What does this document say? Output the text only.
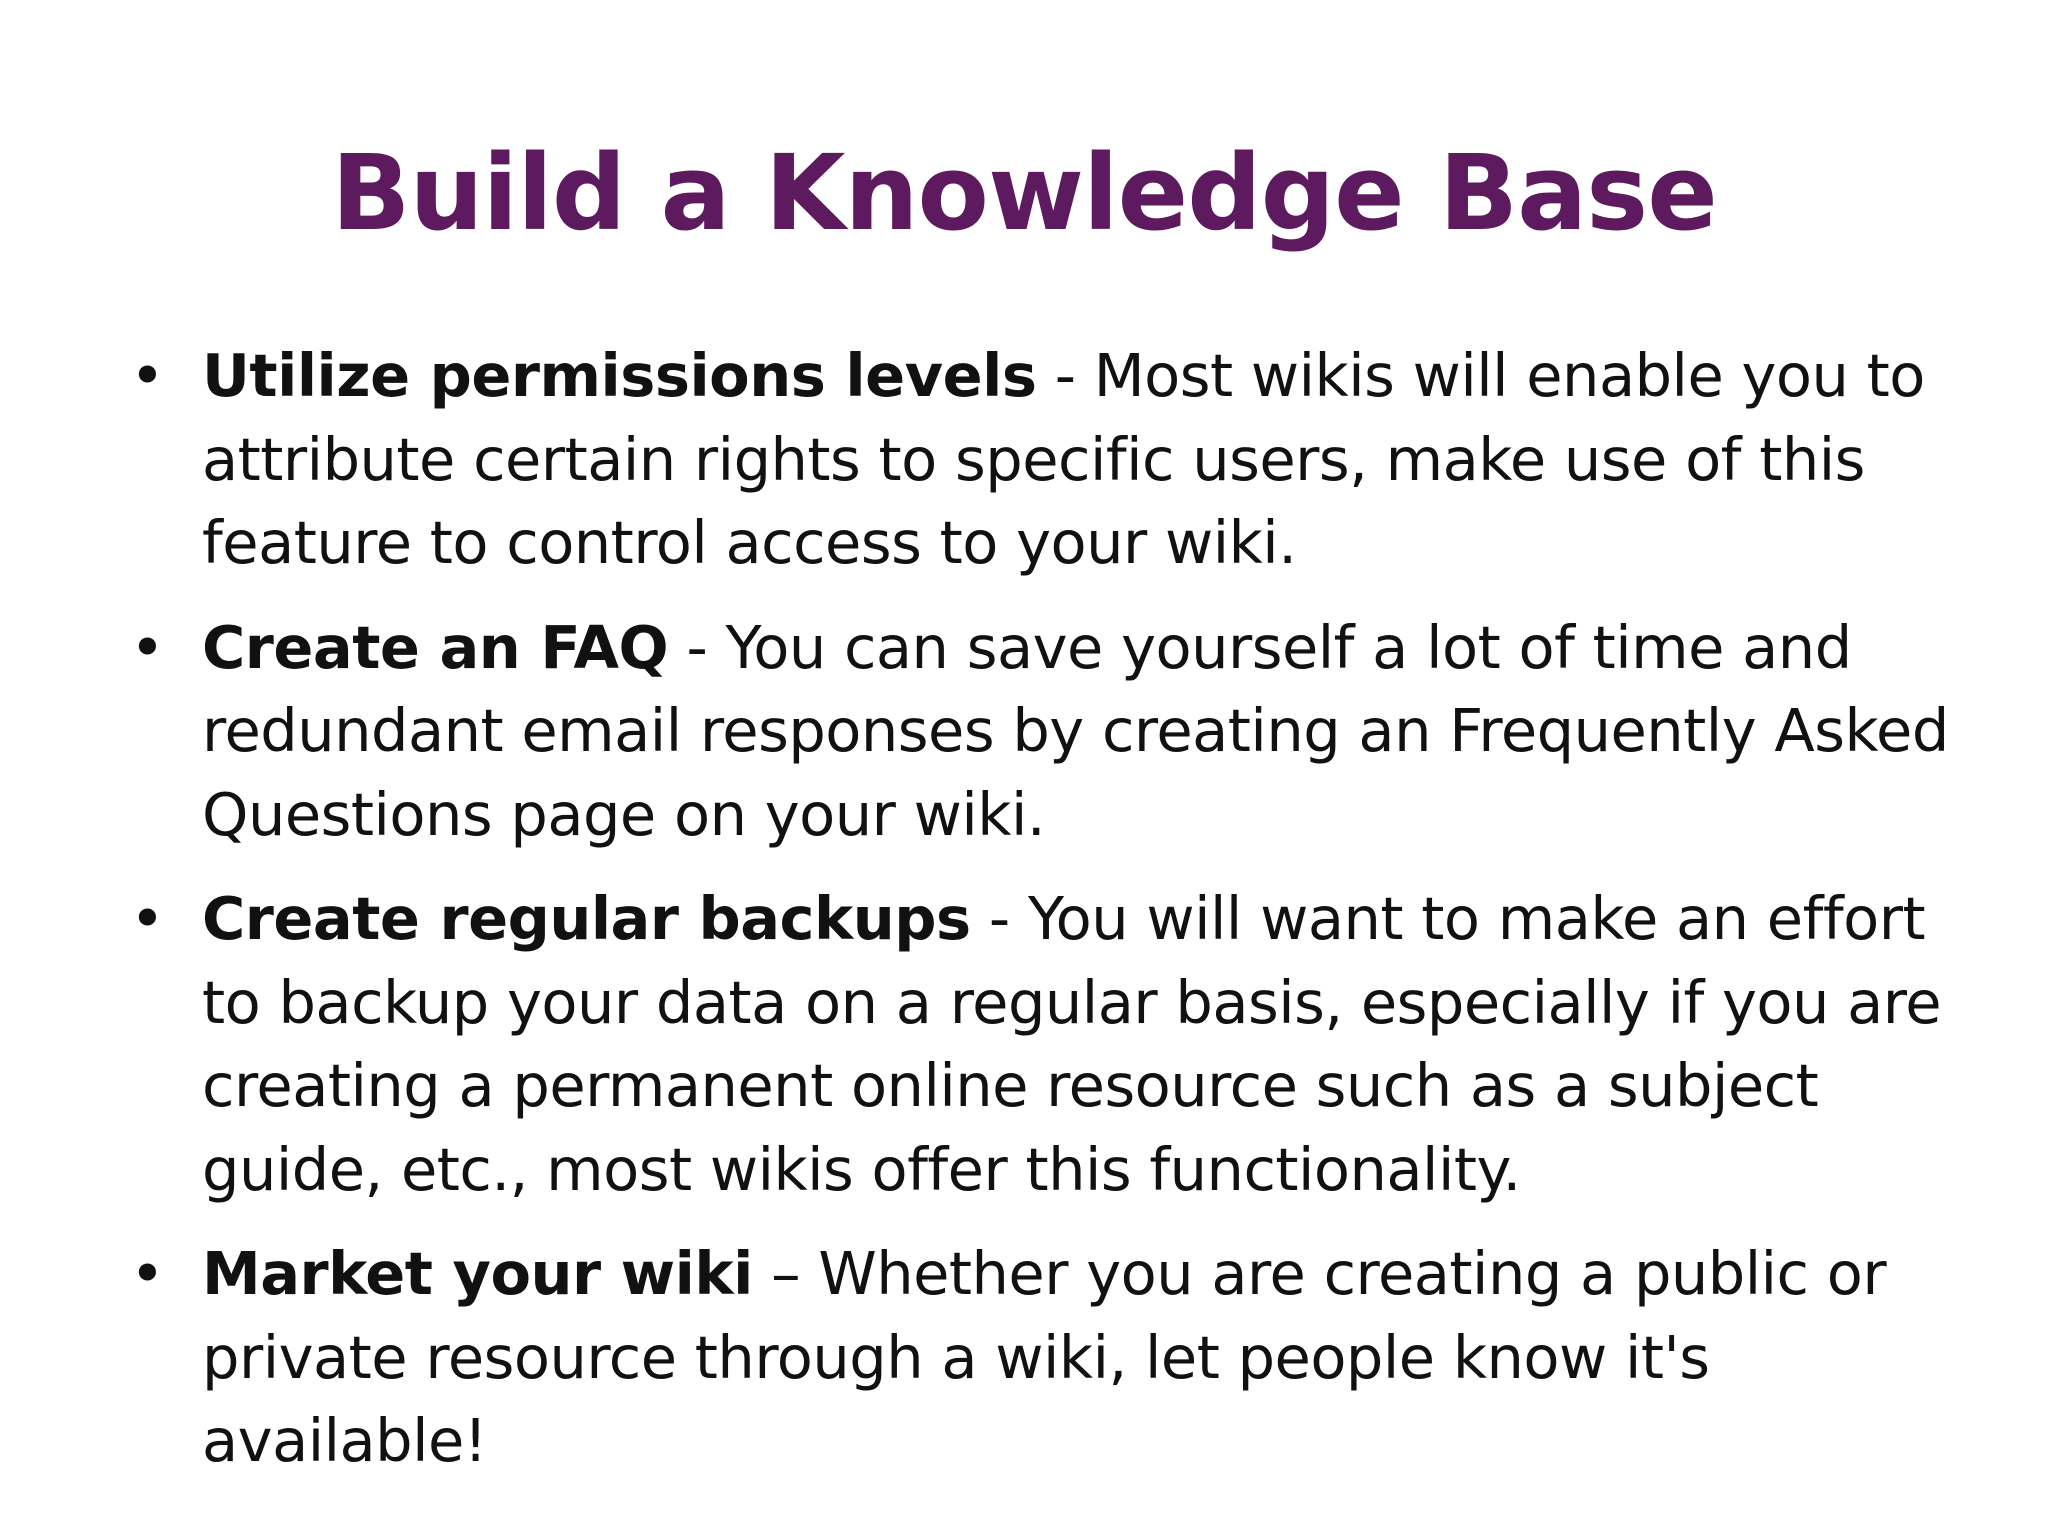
Build a Knowledge Base
• Utilize permissions levels - Most wikis will enable you to attribute certain rights to specific users, make use of this feature to control access to your wiki.
• Create an FAQ - You can save yourself a lot of time and redundant email responses by creating an Frequently Asked Questions page on your wiki.
• Create regular backups - You will want to make an effort to backup your data on a regular basis, especially if you are creating a permanent online resource such as a subject guide, etc., most wikis offer this functionality.
• Market your wiki – Whether you are creating a public or private resource through a wiki, let people know it's available!
